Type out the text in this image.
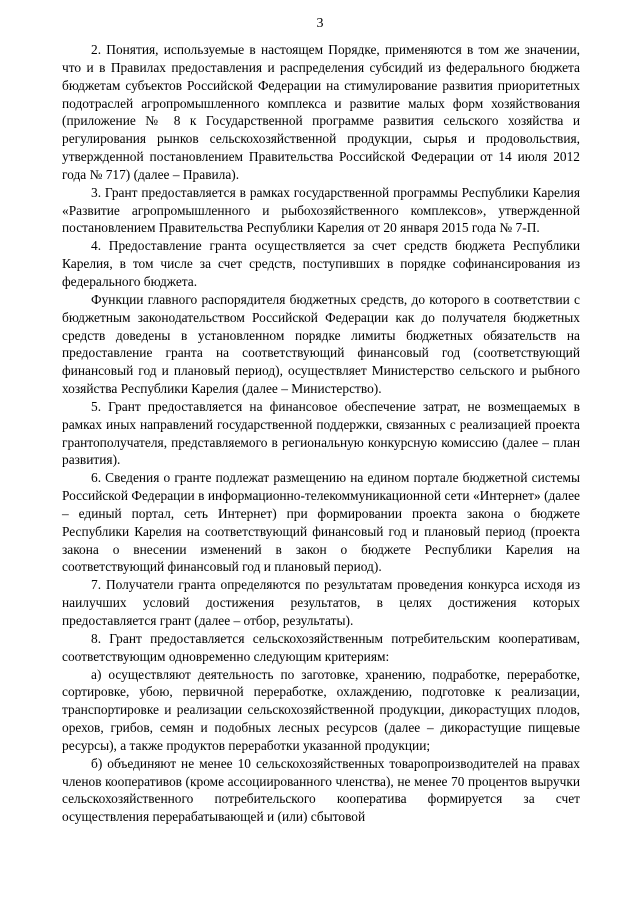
3

2. Понятия, используемые в настоящем Порядке, применяются в том же значении, что и в Правилах предоставления и распределения субсидий из федерального бюджета бюджетам субъектов Российской Федерации на стимулирование развития приоритетных подотраслей агропромышленного комплекса и развитие малых форм хозяйствования (приложение № 8 к Государственной программе развития сельского хозяйства и регулирования рынков сельскохозяйственной продукции, сырья и продовольствия, утвержденной постановлением Правительства Российской Федерации от 14 июля 2012 года № 717) (далее – Правила).

3. Грант предоставляется в рамках государственной программы Республики Карелия «Развитие агропромышленного и рыбохозяйственного комплексов», утвержденной постановлением Правительства Республики Карелия от 20 января 2015 года № 7-П.

4. Предоставление гранта осуществляется за счет средств бюджета Республики Карелия, в том числе за счет средств, поступивших в порядке софинансирования из федерального бюджета.

Функции главного распорядителя бюджетных средств, до которого в соответствии с бюджетным законодательством Российской Федерации как до получателя бюджетных средств доведены в установленном порядке лимиты бюджетных обязательств на предоставление гранта на соответствующий финансовый год (соответствующий финансовый год и плановый период), осуществляет Министерство сельского и рыбного хозяйства Республики Карелия (далее – Министерство).

5. Грант предоставляется на финансовое обеспечение затрат, не возмещаемых в рамках иных направлений государственной поддержки, связанных с реализацией проекта грантополучателя, представляемого в региональную конкурсную комиссию (далее – план развития).

6. Сведения о гранте подлежат размещению на едином портале бюджетной системы Российской Федерации в информационно-телекоммуникационной сети «Интернет» (далее – единый портал, сеть Интернет) при формировании проекта закона о бюджете Республики Карелия на соответствующий финансовый год и плановый период (проекта закона о внесении изменений в закон о бюджете Республики Карелия на соответствующий финансовый год и плановый период).

7. Получатели гранта определяются по результатам проведения конкурса исходя из наилучших условий достижения результатов, в целях достижения которых предоставляется грант (далее – отбор, результаты).

8. Грант предоставляется сельскохозяйственным потребительским кооперативам, соответствующим одновременно следующим критериям:

а) осуществляют деятельность по заготовке, хранению, подработке, переработке, сортировке, убою, первичной переработке, охлаждению, подготовке к реализации, транспортировке и реализации сельскохозяйственной продукции, дикорастущих плодов, орехов, грибов, семян и подобных лесных ресурсов (далее – дикорастущие пищевые ресурсы), а также продуктов переработки указанной продукции;

б) объединяют не менее 10 сельскохозяйственных товаропроизводителей на правах членов кооперативов (кроме ассоциированного членства), не менее 70 процентов выручки сельскохозяйственного потребительского кооператива формируется за счет осуществления перерабатывающей и (или) сбытовой
